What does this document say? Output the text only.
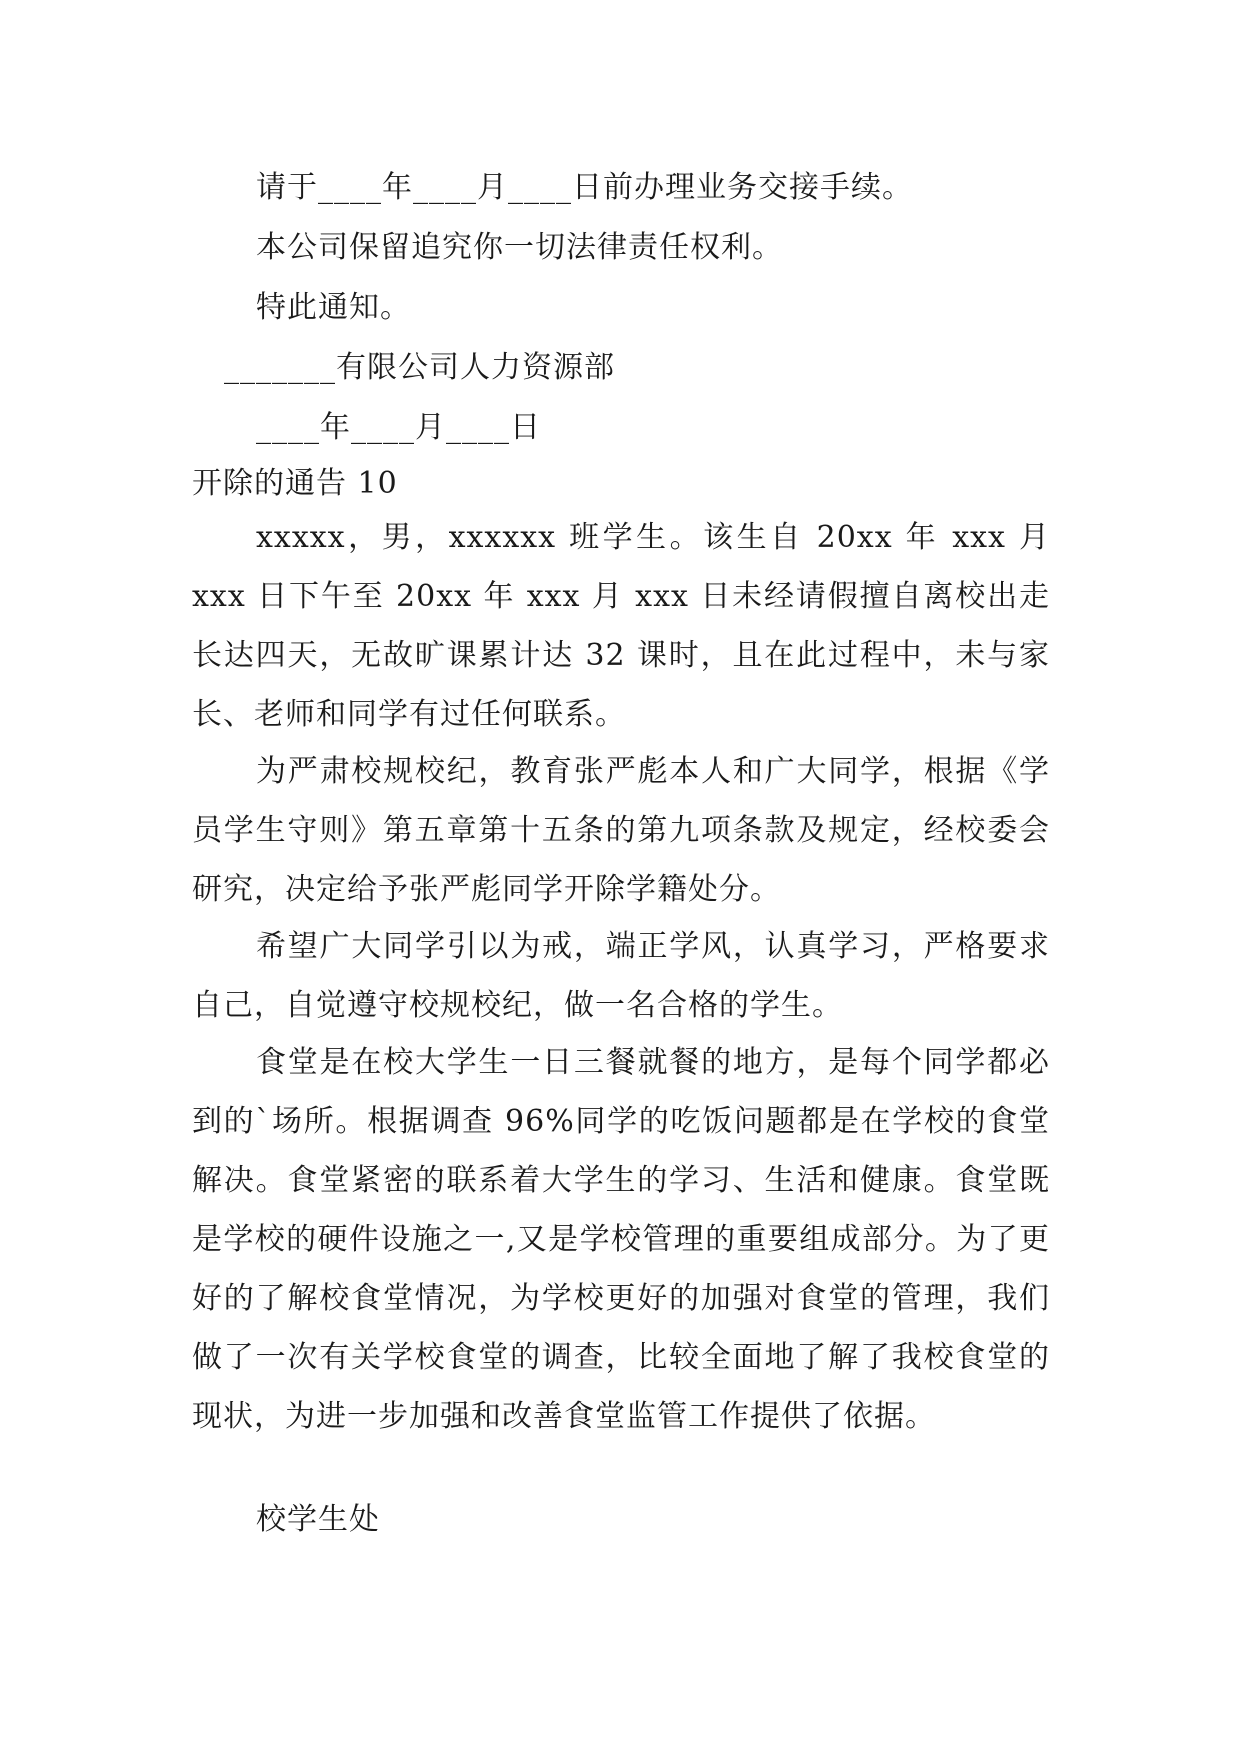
请于____年____月____日前办理业务交接手续。
本公司保留追究你一切法律责任权利。
特此通知。
_______有限公司人力资源部
____年____月____日
开除的通告 10
xxxxx，男，xxxxxx 班学生。该生自 20xx 年 xxx 月 xxx 日下午至 20xx 年 xxx 月 xxx 日未经请假擅自离校出走长达四天，无故旷课累计达 32 课时，且在此过程中，未与家长、老师和同学有过任何联系。
为严肃校规校纪，教育张严彪本人和广大同学，根据《学员学生守则》第五章第十五条的第九项条款及规定，经校委会研究，决定给予张严彪同学开除学籍处分。
希望广大同学引以为戒，端正学风，认真学习，严格要求自己，自觉遵守校规校纪，做一名合格的学生。
食堂是在校大学生一日三餐就餐的地方，是每个同学都必到的`场所。根据调查 96%同学的吃饭问题都是在学校的食堂解决。食堂紧密的联系着大学生的学习、生活和健康。食堂既是学校的硬件设施之一,又是学校管理的重要组成部分。为了更好的了解校食堂情况，为学校更好的加强对食堂的管理，我们做了一次有关学校食堂的调查，比较全面地了解了我校食堂的现状，为进一步加强和改善食堂监管工作提供了依据。
校学生处
